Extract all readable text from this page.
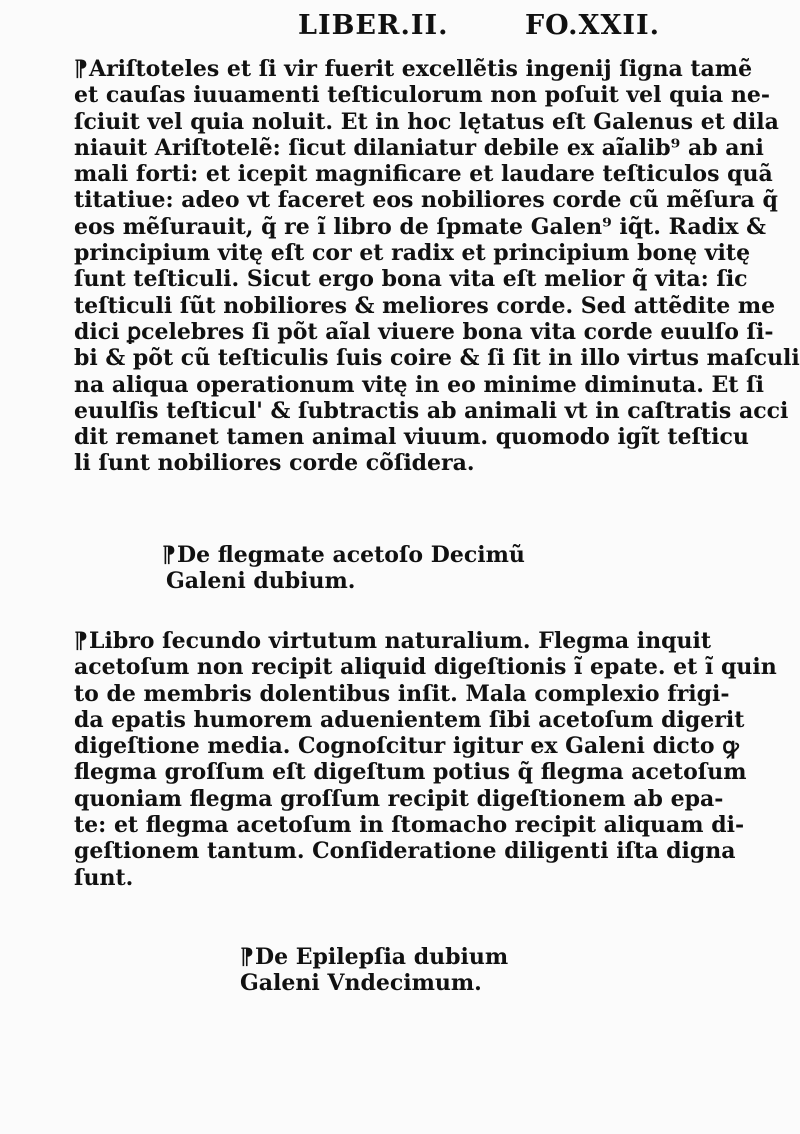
LIBER.II.	FO.XXII.
¶Ariſtoteles et ſi vir fuerit excellẽtis ingenij ſigna tamẽ
et cauſas iuuamenti teſticulorum non poſuit vel quia ne-
ſciuit vel quia noluit. Et in hoc lętatus eſt Galenus et dila
niauit Ariſtotelẽ: ſicut dilaniatur debile ex aĩalib⁹ ab ani
mali forti: et icepit magnificare et laudare teſticulos quã
titatiue: adeo vt faceret eos nobiliores corde cũ mẽſura q̃
eos mẽſurauit, q̃ re ĩ libro de ſpmate Galen⁹ iq̃t. Radix &
principium vitę eſt cor et radix et principium bonę vitę
ſunt teſticuli. Sicut ergo bona vita eſt melior q̃ vita: ſic
teſticuli ſũt nobiliores & meliores corde. Sed attẽdite me
dici ꝑcelebres ſi põt aĩal viuere bona vita corde euulſo ſi-
bi & põt cũ teſticulis ſuis coire & ſi ſit in illo virtus maſculi
na aliqua operationum vitę in eo minime diminuta. Et ſi
euulſis teſticul' & ſubtractis ab animali vt in caſtratis acci
dit remanet tamen animal viuum. quomodo igĩt teſticu
li ſunt nobiliores corde cõſidera.
¶De flegmate acetoſo Decimũ
Galeni dubium.
¶Libro ſecundo virtutum naturalium. Flegma inquit
acetoſum non recipit aliquid digeſtionis ĩ epate. et ĩ quin
to de membris dolentibus inſit. Mala complexio frigi-
da epatis humorem aduenientem ſibi acetoſum digerit
digeſtione media. Cognoſcitur igitur ex Galeni dicto ꝙ
flegma groſſum eſt digeſtum potius q̃ flegma acetoſum
quoniam flegma groſſum recipit digeſtionem ab epa-
te: et flegma acetoſum in ſtomacho recipit aliquam di-
geſtionem tantum. Conſideratione diligenti iſta digna
ſunt.
¶De Epilepſia dubium
Galeni Vndecimum.
